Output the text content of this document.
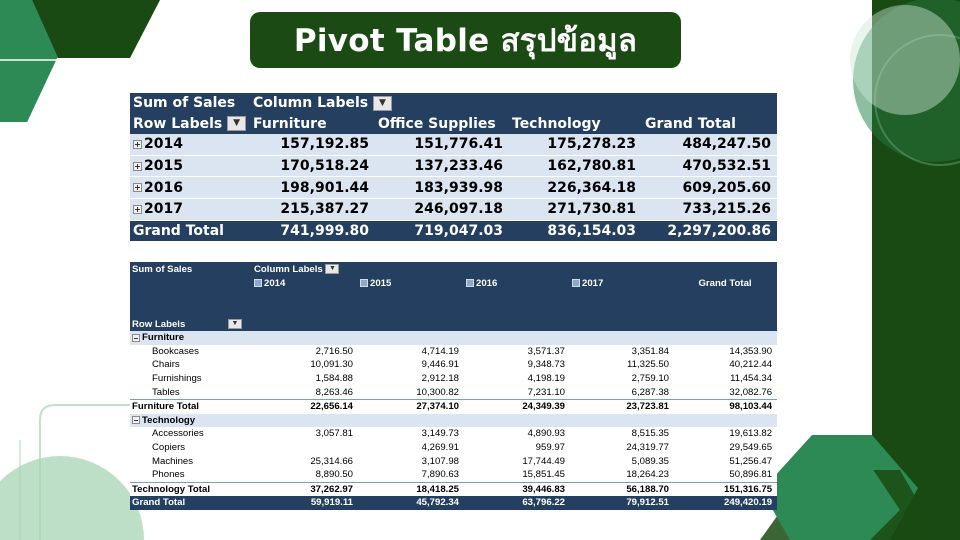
Pivot Table สรุปข้อมูล
Sum of Sales	Column Labels ▼			
Row Labels ▼	Furniture	Office Supplies	Technology	Grand Total
2014	157,192.85	151,776.41	175,278.23	484,247.50
2015	170,518.24	137,233.46	162,780.81	470,532.51
2016	198,901.44	183,939.98	226,364.18	609,205.60
2017	215,387.27	246,097.18	271,730.81	733,215.26
Grand Total	741,999.80	719,047.03	836,154.03	2,297,200.86
Sum of Sales	Column Labels ▼				
	2014	2015	2016	2017	Grand Total

Row Labels ▼					
Furniture					
Bookcases	2,716.50	4,714.19	3,571.37	3,351.84	14,353.90
Chairs	10,091.30	9,446.91	9,348.73	11,325.50	40,212.44
Furnishings	1,584.88	2,912.18	4,198.19	2,759.10	11,454.34
Tables	8,263.46	10,300.82	7,231.10	6,287.38	32,082.76
Furniture Total	22,656.14	27,374.10	24,349.39	23,723.81	98,103.44
Technology					
Accessories	3,057.81	3,149.73	4,890.93	8,515.35	19,613.82
Copiers		4,269.91	959.97	24,319.77	29,549.65
Machines	25,314.66	3,107.98	17,744.49	5,089.35	51,256.47
Phones	8,890.50	7,890.63	15,851.45	18,264.23	50,896.81
Technology Total	37,262.97	18,418.25	39,446.83	56,188.70	151,316.75
Grand Total	59,919.11	45,792.34	63,796.22	79,912.51	249,420.19
